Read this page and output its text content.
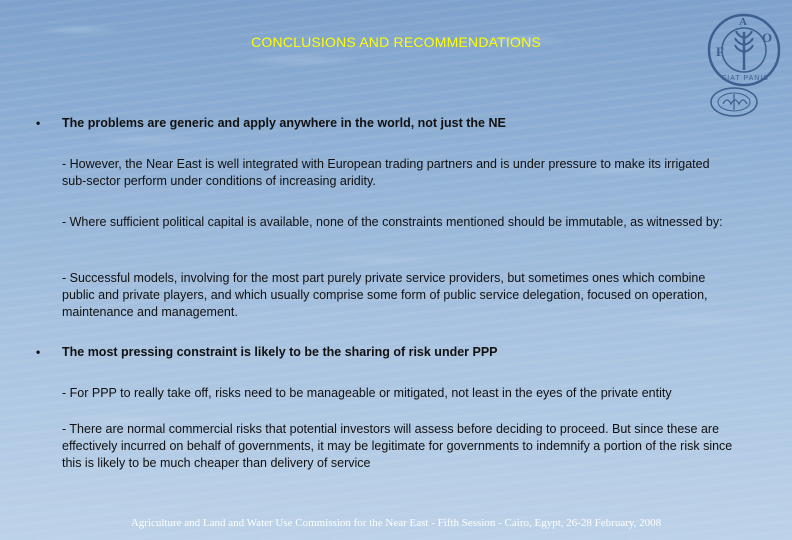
CONCLUSIONS AND RECOMMENDATIONS
F
A
O
FIAT PANIS
• The problems are generic and apply anywhere in the world, not just the NE
- However, the Near East is well integrated with European trading partners and is under pressure to make its irrigated sub-sector perform under conditions of increasing aridity.
- Where sufficient political capital is available, none of the constraints mentioned should be immutable, as witnessed by:
- Successful models, involving for the most part purely private service providers, but sometimes ones which combine public and private players, and which usually comprise some form of public service delegation, focused on operation, maintenance and management.
• The most pressing constraint is likely to be the sharing of risk under PPP
- For PPP to really take off, risks need to be manageable or mitigated, not least in the eyes of the private entity
- There are normal commercial risks that potential investors will assess before deciding to proceed. But since these are effectively incurred on behalf of governments, it may be legitimate for governments to indemnify a portion of the risk since this is likely to be much cheaper than delivery of service
Agriculture and Land and Water Use Commission for the Near East - Fifth Session - Cairo, Egypt, 26-28 February, 2008
